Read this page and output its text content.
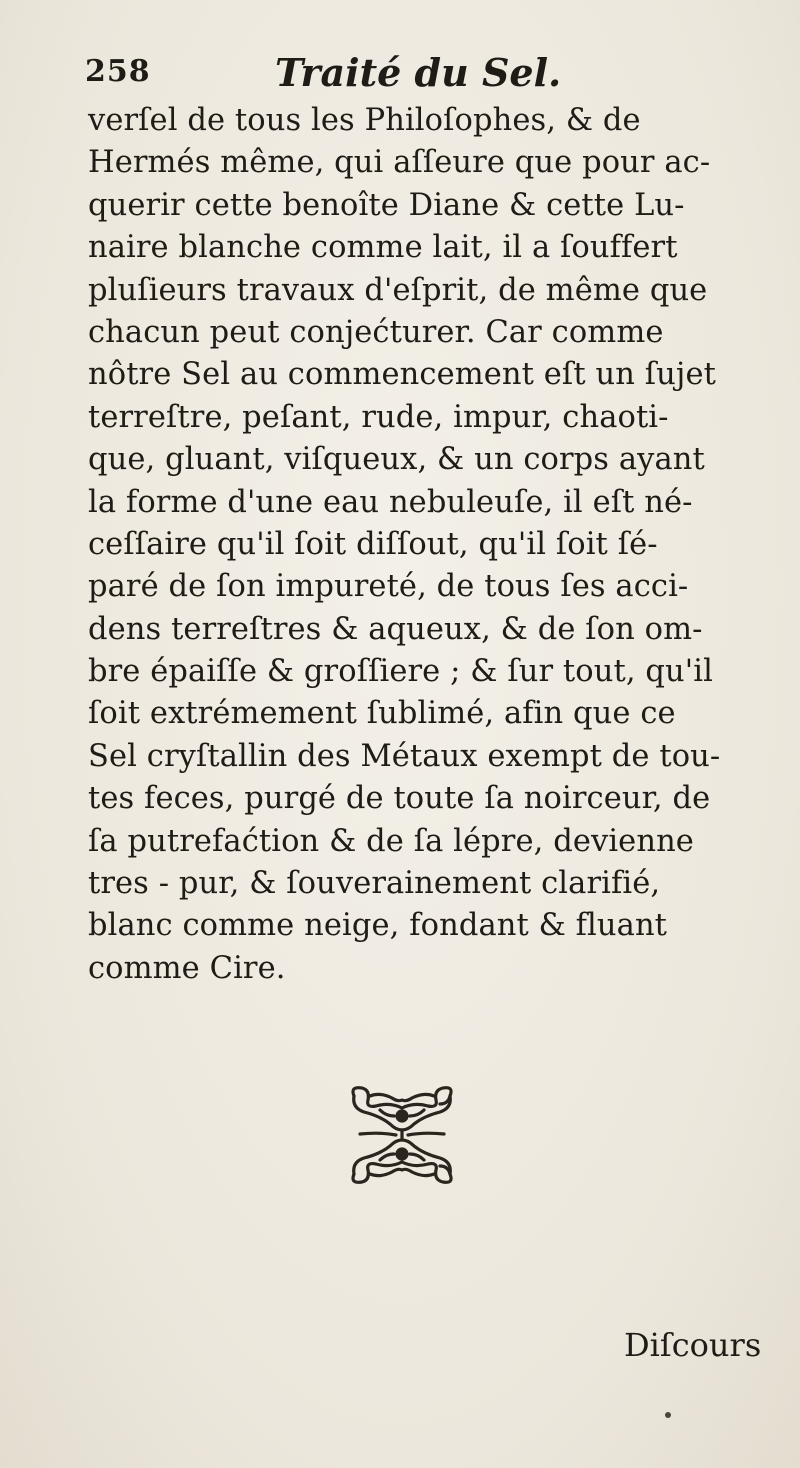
258	Traité du Sel.
verſel de tous les Philoſophes, & de
Hermés même, qui aſſeure que pour ac-
querir cette benoîte Diane & cette Lu-
naire blanche comme lait, il a ſouffert
pluſieurs travaux d'eſprit, de même que
chacun peut conjećturer. Car comme
nôtre Sel au commencement eſt un ſujet
terreſtre, peſant, rude, impur, chaoti-
que, gluant, viſqueux, & un corps ayant
la forme d'une eau nebuleuſe, il eſt né-
ceſſaire qu'il ſoit diſſout, qu'il ſoit ſé-
paré de ſon impureté, de tous ſes acci-
dens terreſtres & aqueux, & de ſon om-
bre épaiſſe & groſſiere ; & ſur tout, qu'il
ſoit extrémement ſublimé, afin que ce
Sel cryſtallin des Métaux exempt de tou-
tes feces, purgé de toute ſa noirceur, de
ſa putrefaćtion & de ſa lépre, devienne
tres - pur, & ſouverainement clarifié,
blanc comme neige, fondant & fluant
comme Cire.
Diſcours
